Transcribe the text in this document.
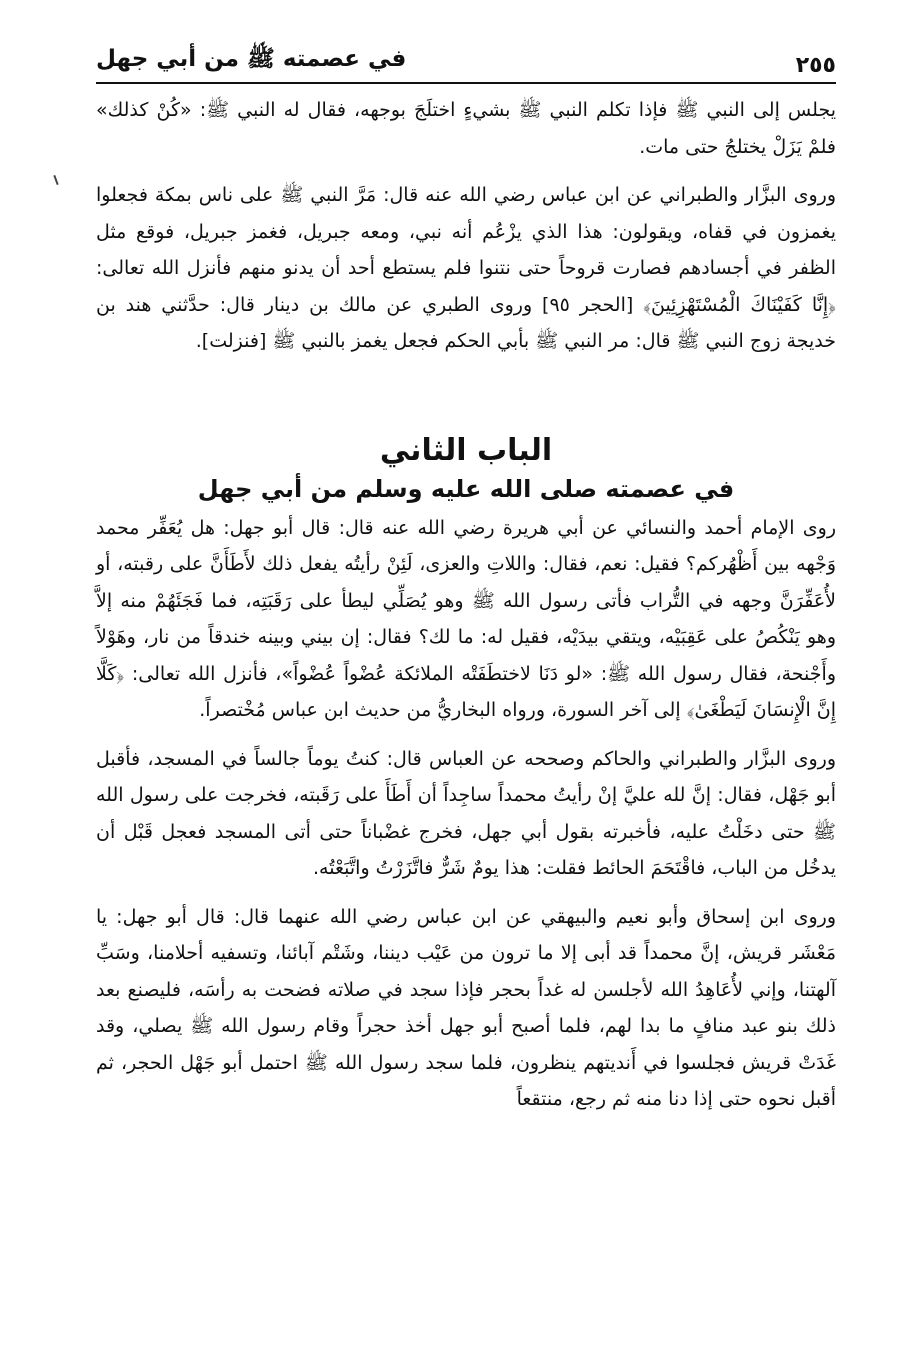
في عصمته ﷺ من أبي جهل	٢٥٥

يجلس إلى النبي ﷺ فإذا تكلم النبي ﷺ بشيءٍ اختلَجَ بوجهه، فقال له النبي ﷺ: «كُنْ كذلك» فلمْ يَزَلْ يختلجُ حتى مات.

وروى البزَّار والطبراني عن ابن عباس رضي الله عنه قال: مَرَّ النبي ﷺ على ناس بمكة فجعلوا يغمزون في قفاه، ويقولون: هذا الذي يزْعُم أنه نبي، ومعه جبريل، فغمز جبريل، فوقع مثل الظفر في أجسادهم فصارت قروحاً حتى نتنوا فلم يستطع أحد أن يدنو منهم فأنزل الله تعالى: ﴿إِنَّا كَفَيْنَاكَ الْمُسْتَهْزِئِينَ﴾ [الحجر ٩٥] وروى الطبري عن مالك بن دينار قال: حدَّثني هند بن خديجة زوج النبي ﷺ قال: مر النبي ﷺ بأبي الحكم فجعل يغمز بالنبي ﷺ [فنزلت].

الباب الثاني

في عصمته صلى الله عليه وسلم من أبي جهل

روى الإمام أحمد والنسائي عن أبي هريرة رضي الله عنه قال: قال أبو جهل: هل يُعَفِّر محمد وَجْهه بين أَظْهُركم؟ فقيل: نعم، فقال: واللاتِ والعزى، لَئِنْ رأيتُه يفعل ذلك لأَطَأَنَّ على رقبته، أو لأُعَفِّرَنَّ وجهه في التُّراب فأتى رسول الله ﷺ وهو يُصَلِّي ليطأ على رَقَبَتِه، فما فَجَئَهُمْ منه إلاَّ وهو يَنْكُصُ على عَقِبَيْه، ويتقي بيدَيْه، فقيل له: ما لك؟ فقال: إن بيني وبينه خندقاً من نار، وهَوْلاً وأَجْنحة، فقال رسول الله ﷺ: «لو دَنَا لاختطَفَتْه الملائكة عُضْواً عُضْواً»، فأنزل الله تعالى: ﴿كَلَّا إِنَّ الْإِنسَانَ لَيَطْغَىٰ﴾ إلى آخر السورة، ورواه البخاريُّ من حديث ابن عباس مُخْتصراً.

وروى البزَّار والطبراني والحاكم وصححه عن العباس قال: كنتُ يوماً جالساً في المسجد، فأقبل أبو جَهْل، فقال: إنَّ لله عليَّ إنْ رأيتُ محمداً ساجِداً أن أَطَأَ على رَقَبته، فخرجت على رسول الله ﷺ حتى دخَلْتُ عليه، فأخبرته بقول أبي جهل، فخرج غضْباناً حتى أتى المسجد فعجل قَبْل أن يدخُل من الباب، فاقْتَحَمَ الحائط فقلت: هذا يومٌ شَرٌّ فاتَّزَرْتُ واتَّبَعْتُه.

وروى ابن إسحاق وأبو نعيم والبيهقي عن ابن عباس رضي الله عنهما قال: قال أبو جهل: يا مَعْشَر قريش، إنَّ محمداً قد أبى إلا ما ترون من عَيْب ديننا، وشَتْم آبائنا، وتسفيه أحلامنا، وسَبِّ آلهتنا، وإني لأُعَاهِدُ الله لأجلسن له غداً بحجر فإذا سجد في صلاته فضحت به رأسَه، فليصنع بعد ذلك بنو عبد منافٍ ما بدا لهم، فلما أصبح أبو جهل أخذ حجراً وقام رسول الله ﷺ يصلي، وقد غَدَتْ قريش فجلسوا في أَنديتهم ينظرون، فلما سجد رسول الله ﷺ احتمل أبو جَهْل الحجر، ثم أقبل نحوه حتى إذا دنا منه ثم رجع، منتقعاً
